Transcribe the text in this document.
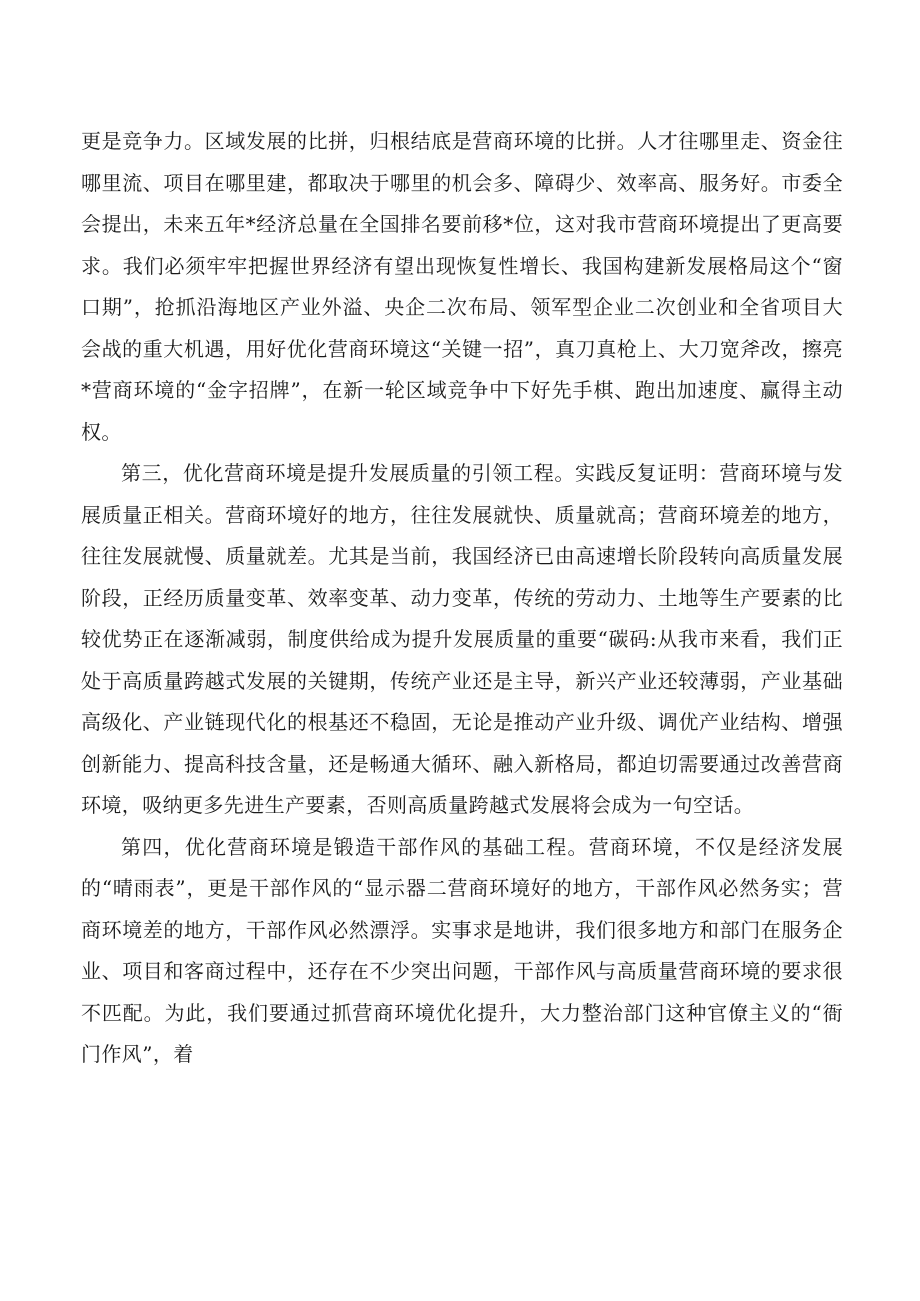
更是竞争力。区域发展的比拼，归根结底是营商环境的比拼。人才往哪里走、资金往哪里流、项目在哪里建，都取决于哪里的机会多、障碍少、效率高、服务好。市委全会提出，未来五年*经济总量在全国排名要前移*位，这对我市营商环境提出了更高要求。我们必须牢牢把握世界经济有望出现恢复性增长、我国构建新发展格局这个“窗口期”，抢抓沿海地区产业外溢、央企二次布局、领军型企业二次创业和全省项目大会战的重大机遇，用好优化营商环境这“关键一招”，真刀真枪上、大刀宽斧改，擦亮*营商环境的“金字招牌”，在新一轮区域竞争中下好先手棋、跑出加速度、赢得主动权。

第三，优化营商环境是提升发展质量的引领工程。实践反复证明：营商环境与发展质量正相关。营商环境好的地方，往往发展就快、质量就高；营商环境差的地方，往往发展就慢、质量就差。尤其是当前，我国经济已由高速增长阶段转向高质量发展阶段，正经历质量变革、效率变革、动力变革，传统的劳动力、土地等生产要素的比较优势正在逐渐减弱，制度供给成为提升发展质量的重要“碳码:从我市来看，我们正处于高质量跨越式发展的关键期，传统产业还是主导，新兴产业还较薄弱，产业基础高级化、产业链现代化的根基还不稳固，无论是推动产业升级、调优产业结构、增强创新能力、提高科技含量，还是畅通大循环、融入新格局，都迫切需要通过改善营商环境，吸纳更多先进生产要素，否则高质量跨越式发展将会成为一句空话。

第四，优化营商环境是锻造干部作风的基础工程。营商环境，不仅是经济发展的“晴雨表”，更是干部作风的“显示器二营商环境好的地方，干部作风必然务实；营商环境差的地方，干部作风必然漂浮。实事求是地讲，我们很多地方和部门在服务企业、项目和客商过程中，还存在不少突出问题，干部作风与高质量营商环境的要求很不匹配。为此，我们要通过抓营商环境优化提升，大力整治部门这种官僚主义的“衙门作风”，着
